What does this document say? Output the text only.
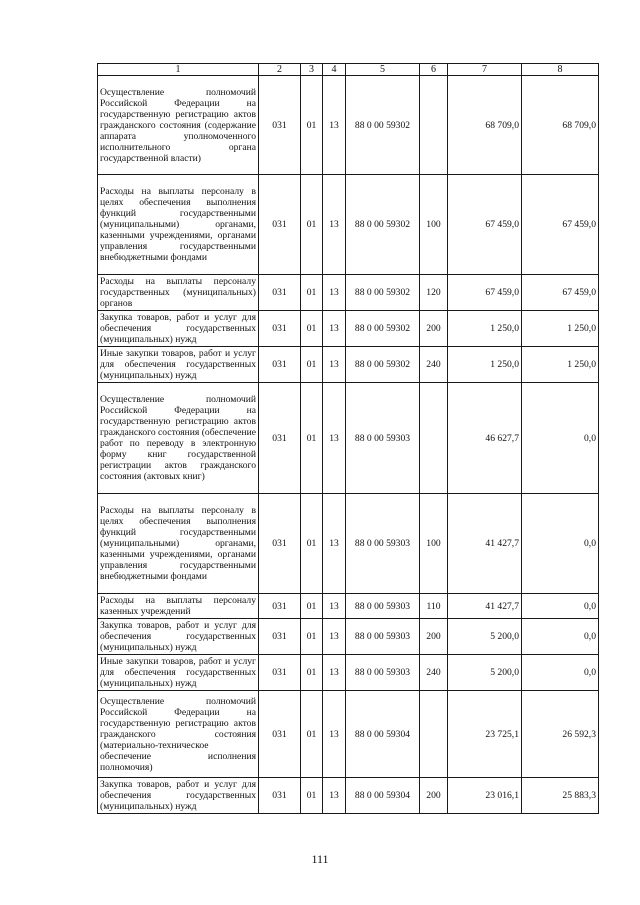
1	2	3	4	5	6	7	8
Осуществление полномочий Российской Федерации на государственную регистрацию актов гражданского состояния (содержание аппарата уполномоченного исполнительного органа государственной власти)	031	01	13	88 0 00 59302		68 709,0	68 709,0
Расходы на выплаты персоналу в целях обеспечения выполнения функций государственными (муниципальными) органами, казенными учреждениями, органами управления государственными внебюджетными фондами	031	01	13	88 0 00 59302	100	67 459,0	67 459,0
Расходы на выплаты персоналу государственных (муниципальных) органов	031	01	13	88 0 00 59302	120	67 459,0	67 459,0
Закупка товаров, работ и услуг для обеспечения государственных (муниципальных) нужд	031	01	13	88 0 00 59302	200	1 250,0	1 250,0
Иные закупки товаров, работ и услуг для обеспечения государственных (муниципальных) нужд	031	01	13	88 0 00 59302	240	1 250,0	1 250,0
Осуществление полномочий Российской Федерации на государственную регистрацию актов гражданского состояния (обеспечение работ по переводу в электронную форму книг государственной регистрации актов гражданского состояния (актовых книг)	031	01	13	88 0 00 59303		46 627,7	0,0
Расходы на выплаты персоналу в целях обеспечения выполнения функций государственными (муниципальными) органами, казенными учреждениями, органами управления государственными внебюджетными фондами	031	01	13	88 0 00 59303	100	41 427,7	0,0
Расходы на выплаты персоналу казенных учреждений	031	01	13	88 0 00 59303	110	41 427,7	0,0
Закупка товаров, работ и услуг для обеспечения государственных (муниципальных) нужд	031	01	13	88 0 00 59303	200	5 200,0	0,0
Иные закупки товаров, работ и услуг для обеспечения государственных (муниципальных) нужд	031	01	13	88 0 00 59303	240	5 200,0	0,0
Осуществление полномочий Российской Федерации на государственную регистрацию актов гражданского состояния (материально-техническое обеспечение исполнения полномочия)	031	01	13	88 0 00 59304		23 725,1	26 592,3
Закупка товаров, работ и услуг для обеспечения государственных (муниципальных) нужд	031	01	13	88 0 00 59304	200	23 016,1	25 883,3
111
